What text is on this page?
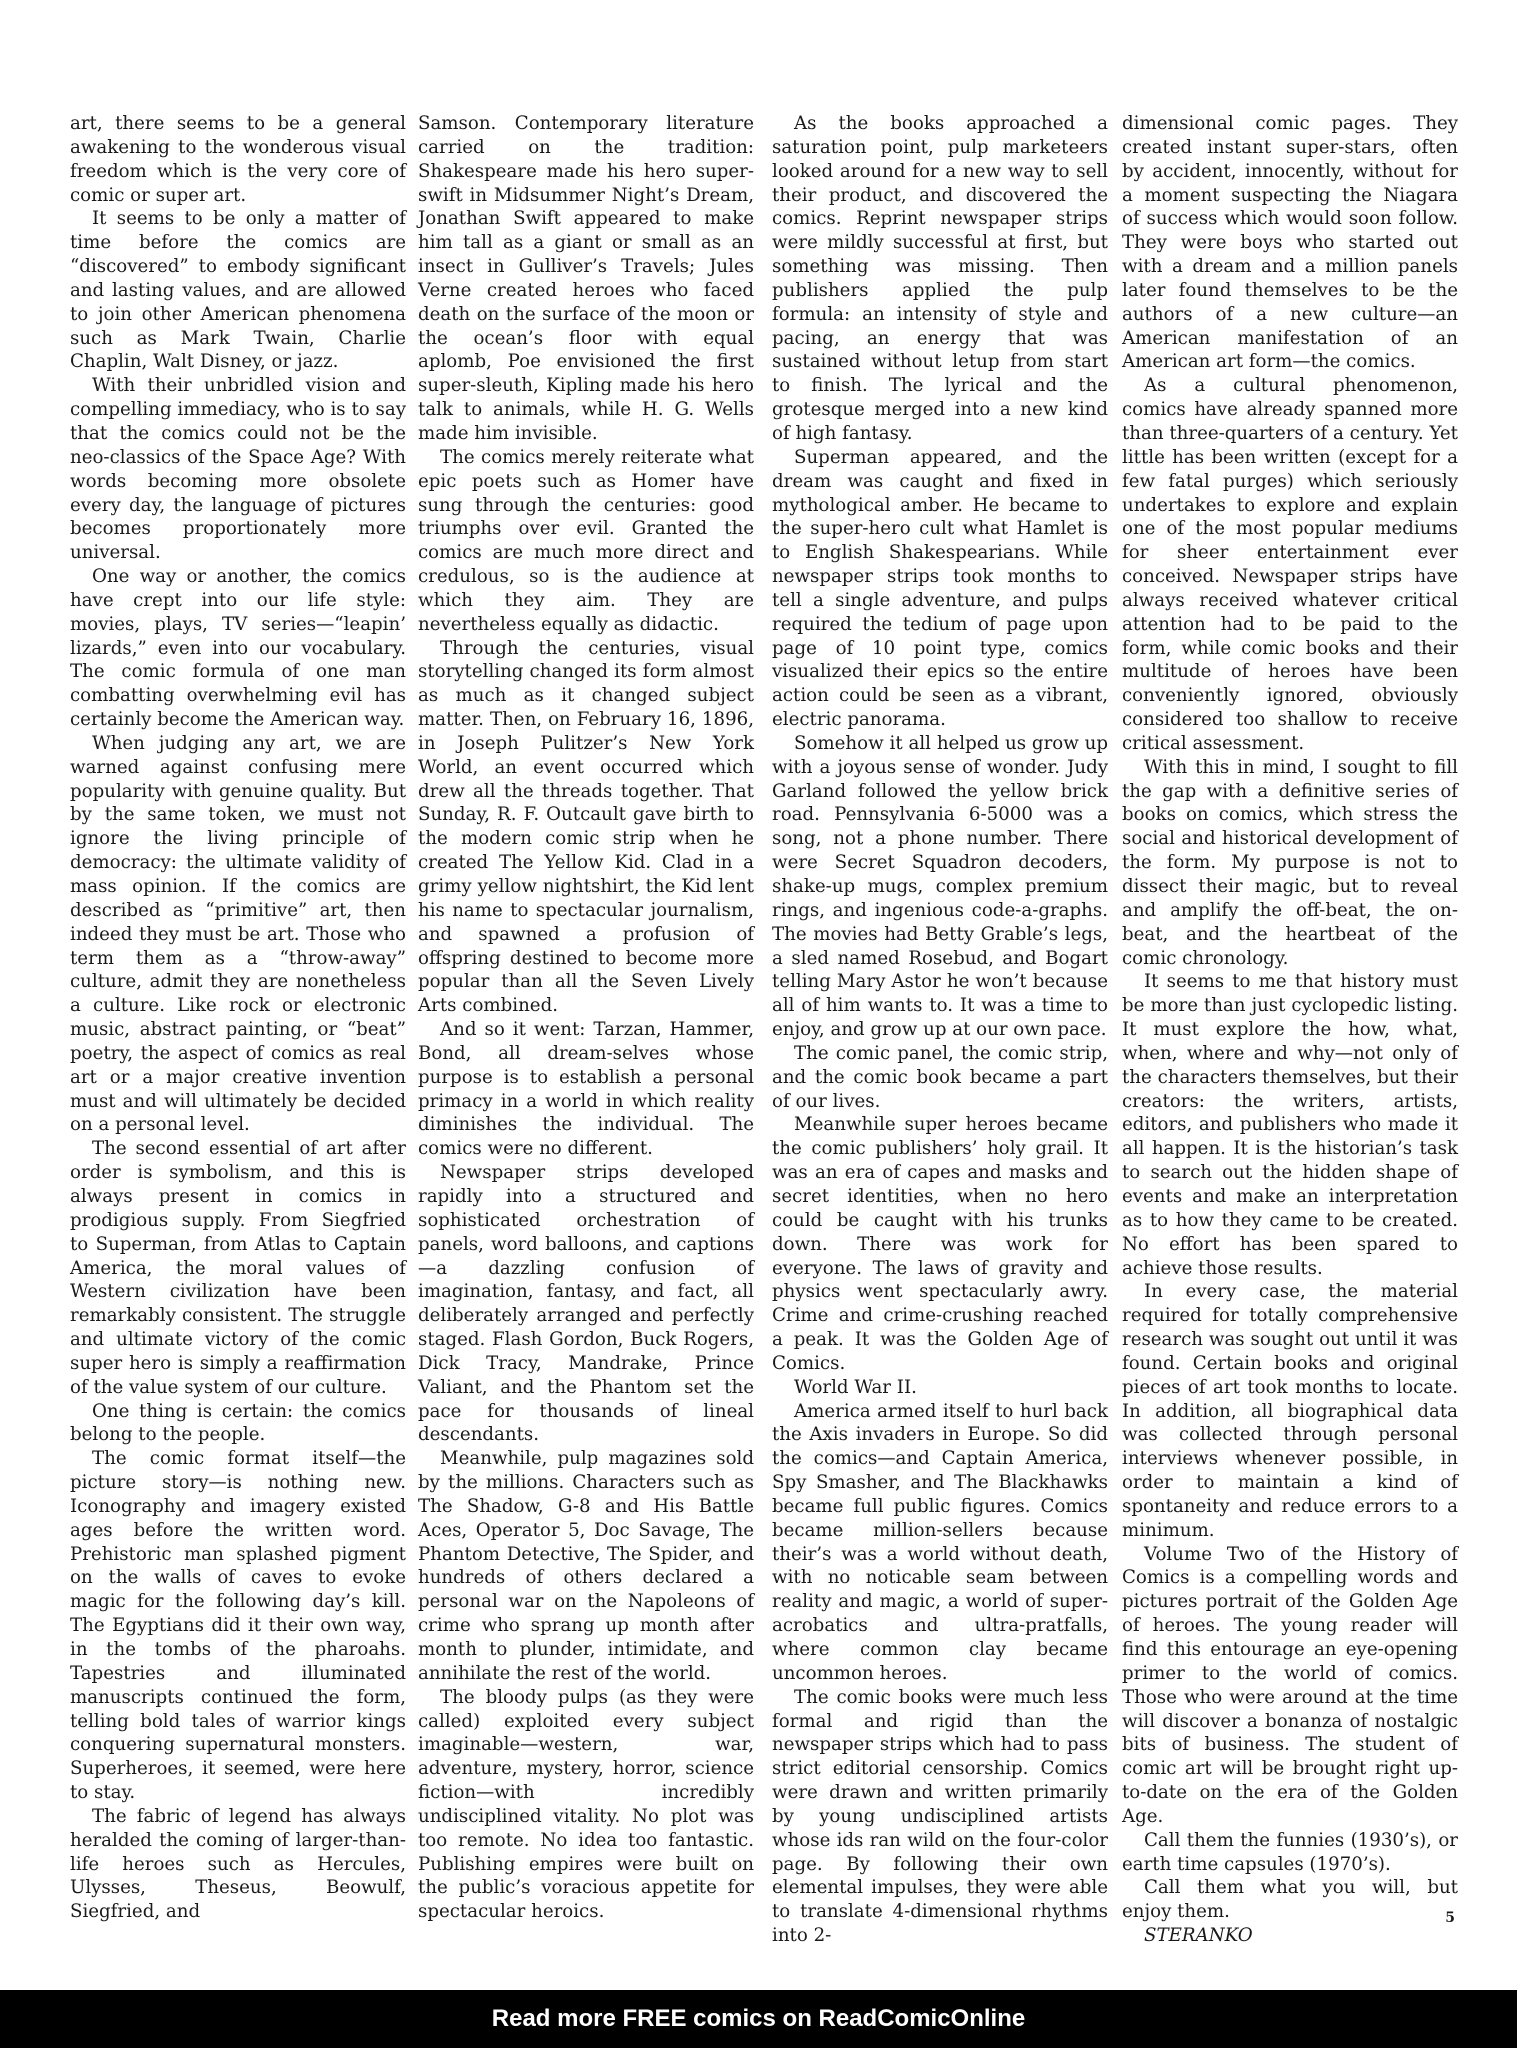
art, there seems to be a general awakening to the wonderous visual freedom which is the very core of comic or super art.

It seems to be only a matter of time before the comics are “discovered” to embody significant and lasting values, and are allowed to join other American phenomena such as Mark Twain, Charlie Chaplin, Walt Disney, or jazz.

With their unbridled vision and compelling immediacy, who is to say that the comics could not be the neo-classics of the Space Age? With words becoming more obsolete every day, the language of pictures becomes proportionately more universal.

One way or another, the comics have crept into our life style: movies, plays, TV series—“leapin’ lizards,” even into our vocabulary. The comic formula of one man combatting overwhelming evil has certainly become the American way.

When judging any art, we are warned against confusing mere popularity with genuine quality. But by the same token, we must not ignore the living principle of democracy: the ultimate validity of mass opinion. If the comics are described as “primitive” art, then indeed they must be art. Those who term them as a “throw-away” culture, admit they are nonetheless a culture. Like rock or electronic music, abstract painting, or “beat” poetry, the aspect of comics as real art or a major creative invention must and will ultimately be decided on a personal level.

The second essential of art after order is symbolism, and this is always present in comics in prodigious supply. From Siegfried to Superman, from Atlas to Captain America, the moral values of Western civilization have been remarkably consistent. The struggle and ultimate victory of the comic super hero is simply a reaffirmation of the value system of our culture.

One thing is certain: the comics belong to the people.

The comic format itself—the picture story—is nothing new. Iconography and imagery existed ages before the written word. Prehistoric man splashed pigment on the walls of caves to evoke magic for the following day’s kill. The Egyptians did it their own way, in the tombs of the pharoahs. Tapestries and illuminated manuscripts continued the form, telling bold tales of warrior kings conquering supernatural monsters. Superheroes, it seemed, were here to stay.

The fabric of legend has always heralded the coming of larger-than-life heroes such as Hercules, Ulysses, Theseus, Beowulf, Siegfried, and

Samson. Contemporary literature carried on the tradition: Shakespeare made his hero super-swift in Midsummer Night’s Dream, Jonathan Swift appeared to make him tall as a giant or small as an insect in Gulliver’s Travels; Jules Verne created heroes who faced death on the surface of the moon or the ocean’s floor with equal aplomb, Poe envisioned the first super-sleuth, Kipling made his hero talk to animals, while H. G. Wells made him invisible.

The comics merely reiterate what epic poets such as Homer have sung through the centuries: good triumphs over evil. Granted the comics are much more direct and credulous, so is the audience at which they aim. They are nevertheless equally as didactic.

Through the centuries, visual storytelling changed its form almost as much as it changed subject matter. Then, on February 16, 1896, in Joseph Pulitzer’s New York World, an event occurred which drew all the threads together. That Sunday, R. F. Outcault gave birth to the modern comic strip when he created The Yellow Kid. Clad in a grimy yellow nightshirt, the Kid lent his name to spectacular journalism, and spawned a profusion of offspring destined to become more popular than all the Seven Lively Arts combined.

And so it went: Tarzan, Hammer, Bond, all dream-selves whose purpose is to establish a personal primacy in a world in which reality diminishes the individual. The comics were no different.

Newspaper strips developed rapidly into a structured and sophisticated orchestration of panels, word balloons, and captions—a dazzling confusion of imagination, fantasy, and fact, all deliberately arranged and perfectly staged. Flash Gordon, Buck Rogers, Dick Tracy, Mandrake, Prince Valiant, and the Phantom set the pace for thousands of lineal descendants.

Meanwhile, pulp magazines sold by the millions. Characters such as The Shadow, G-8 and His Battle Aces, Operator 5, Doc Savage, The Phantom Detective, The Spider, and hundreds of others declared a personal war on the Napoleons of crime who sprang up month after month to plunder, intimidate, and annihilate the rest of the world.

The bloody pulps (as they were called) exploited every subject imaginable—western, war, adventure, mystery, horror, science fiction—with incredibly undisciplined vitality. No plot was too remote. No idea too fantastic. Publishing empires were built on the public’s voracious appetite for spectacular heroics.

As the books approached a saturation point, pulp marketeers looked around for a new way to sell their product, and discovered the comics. Reprint newspaper strips were mildly successful at first, but something was missing. Then publishers applied the pulp formula: an intensity of style and pacing, an energy that was sustained without letup from start to finish. The lyrical and the grotesque merged into a new kind of high fantasy.

Superman appeared, and the dream was caught and fixed in mythological amber. He became to the super-hero cult what Hamlet is to English Shakespearians. While newspaper strips took months to tell a single adventure, and pulps required the tedium of page upon page of 10 point type, comics visualized their epics so the entire action could be seen as a vibrant, electric panorama.

Somehow it all helped us grow up with a joyous sense of wonder. Judy Garland followed the yellow brick road. Pennsylvania 6-5000 was a song, not a phone number. There were Secret Squadron decoders, shake-up mugs, complex premium rings, and ingenious code-a-graphs. The movies had Betty Grable’s legs, a sled named Rosebud, and Bogart telling Mary Astor he won’t because all of him wants to. It was a time to enjoy, and grow up at our own pace.

The comic panel, the comic strip, and the comic book became a part of our lives.

Meanwhile super heroes became the comic publishers’ holy grail. It was an era of capes and masks and secret identities, when no hero could be caught with his trunks down. There was work for everyone. The laws of gravity and physics went spectacularly awry. Crime and crime-crushing reached a peak. It was the Golden Age of Comics.

World War II.

America armed itself to hurl back the Axis invaders in Europe. So did the comics—and Captain America, Spy Smasher, and The Blackhawks became full public figures. Comics became million-sellers because their’s was a world without death, with no noticable seam between reality and magic, a world of super-acrobatics and ultra-pratfalls, where common clay became uncommon heroes.

The comic books were much less formal and rigid than the newspaper strips which had to pass strict editorial censorship. Comics were drawn and written primarily by young undisciplined artists whose ids ran wild on the four-color page. By following their own elemental impulses, they were able to translate 4-dimensional rhythms into 2-

dimensional comic pages. They created instant super-stars, often by accident, innocently, without for a moment suspecting the Niagara of success which would soon follow. They were boys who started out with a dream and a million panels later found themselves to be the authors of a new culture—an American manifestation of an American art form—the comics.

As a cultural phenomenon, comics have already spanned more than three-quarters of a century. Yet little has been written (except for a few fatal purges) which seriously undertakes to explore and explain one of the most popular mediums for sheer entertainment ever conceived. Newspaper strips have always received whatever critical attention had to be paid to the form, while comic books and their multitude of heroes have been conveniently ignored, obviously considered too shallow to receive critical assessment.

With this in mind, I sought to fill the gap with a definitive series of books on comics, which stress the social and historical development of the form. My purpose is not to dissect their magic, but to reveal and amplify the off-beat, the on-beat, and the heartbeat of the comic chronology.

It seems to me that history must be more than just cyclopedic listing. It must explore the how, what, when, where and why—not only of the characters themselves, but their creators: the writers, artists, editors, and publishers who made it all happen. It is the historian’s task to search out the hidden shape of events and make an interpretation as to how they came to be created. No effort has been spared to achieve those results.

In every case, the material required for totally comprehensive research was sought out until it was found. Certain books and original pieces of art took months to locate. In addition, all biographical data was collected through personal interviews whenever possible, in order to maintain a kind of spontaneity and reduce errors to a minimum.

Volume Two of the History of Comics is a compelling words and pictures portrait of the Golden Age of heroes. The young reader will find this entourage an eye-opening primer to the world of comics. Those who were around at the time will discover a bonanza of nostalgic bits of business. The student of comic art will be brought right up-to-date on the era of the Golden Age.

Call them the funnies (1930’s), or earth time capsules (1970’s).

Call them what you will, but enjoy them.

STERANKO

5
Read more FREE comics on ReadComicOnline
